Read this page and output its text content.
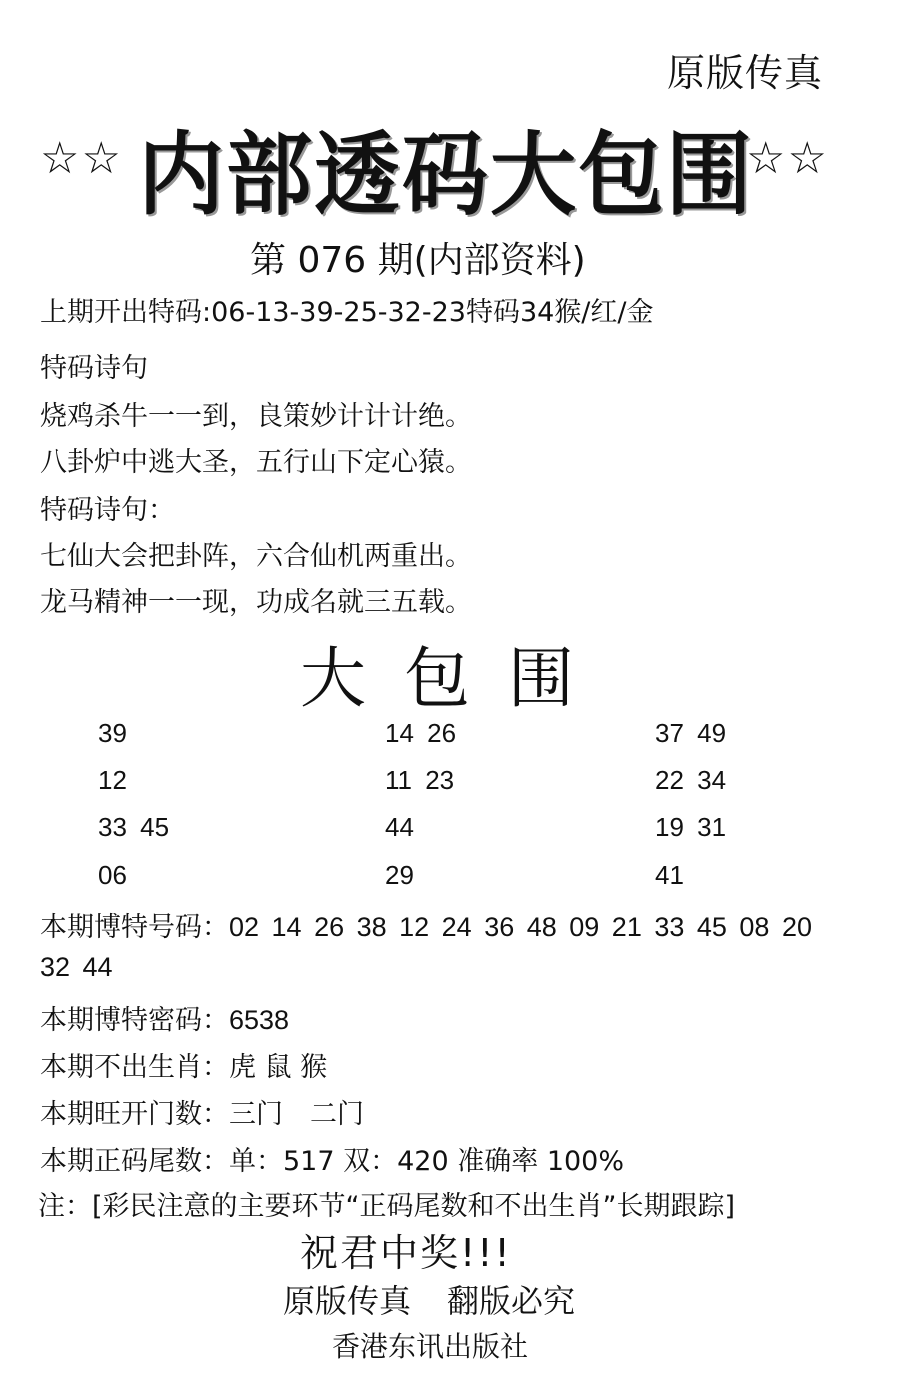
原版传真
☆☆ 内部透码大包围
☆☆
第 076 期(内部资料)
上期开出特码:06-13-39-25-32-23特码34猴/红/金
特码诗句
烧鸡杀牛一一到，良策妙计计计绝。
八卦炉中逃大圣，五行山下定心猿。
特码诗句：
七仙大会把卦阵，六合仙机两重出。
龙马精神一一现，功成名就三五载。
大包围
39	14 26	37 49
12	11 23	22 34
33 45	44	19 31
06	29	41
本期博特号码：02 14 26 38 12 24 36 48 09 21 33 45 08 20
32 44
本期博特密码：6538
本期不出生肖：虎 鼠 猴
本期旺开门数：三门　二门
本期正码尾数：单：517 双：420 准确率 100%
注：[彩民注意的主要环节“正码尾数和不出生肖”长期跟踪]
祝君中奖!!!
原版传真 翻版必究
香港东讯出版社
